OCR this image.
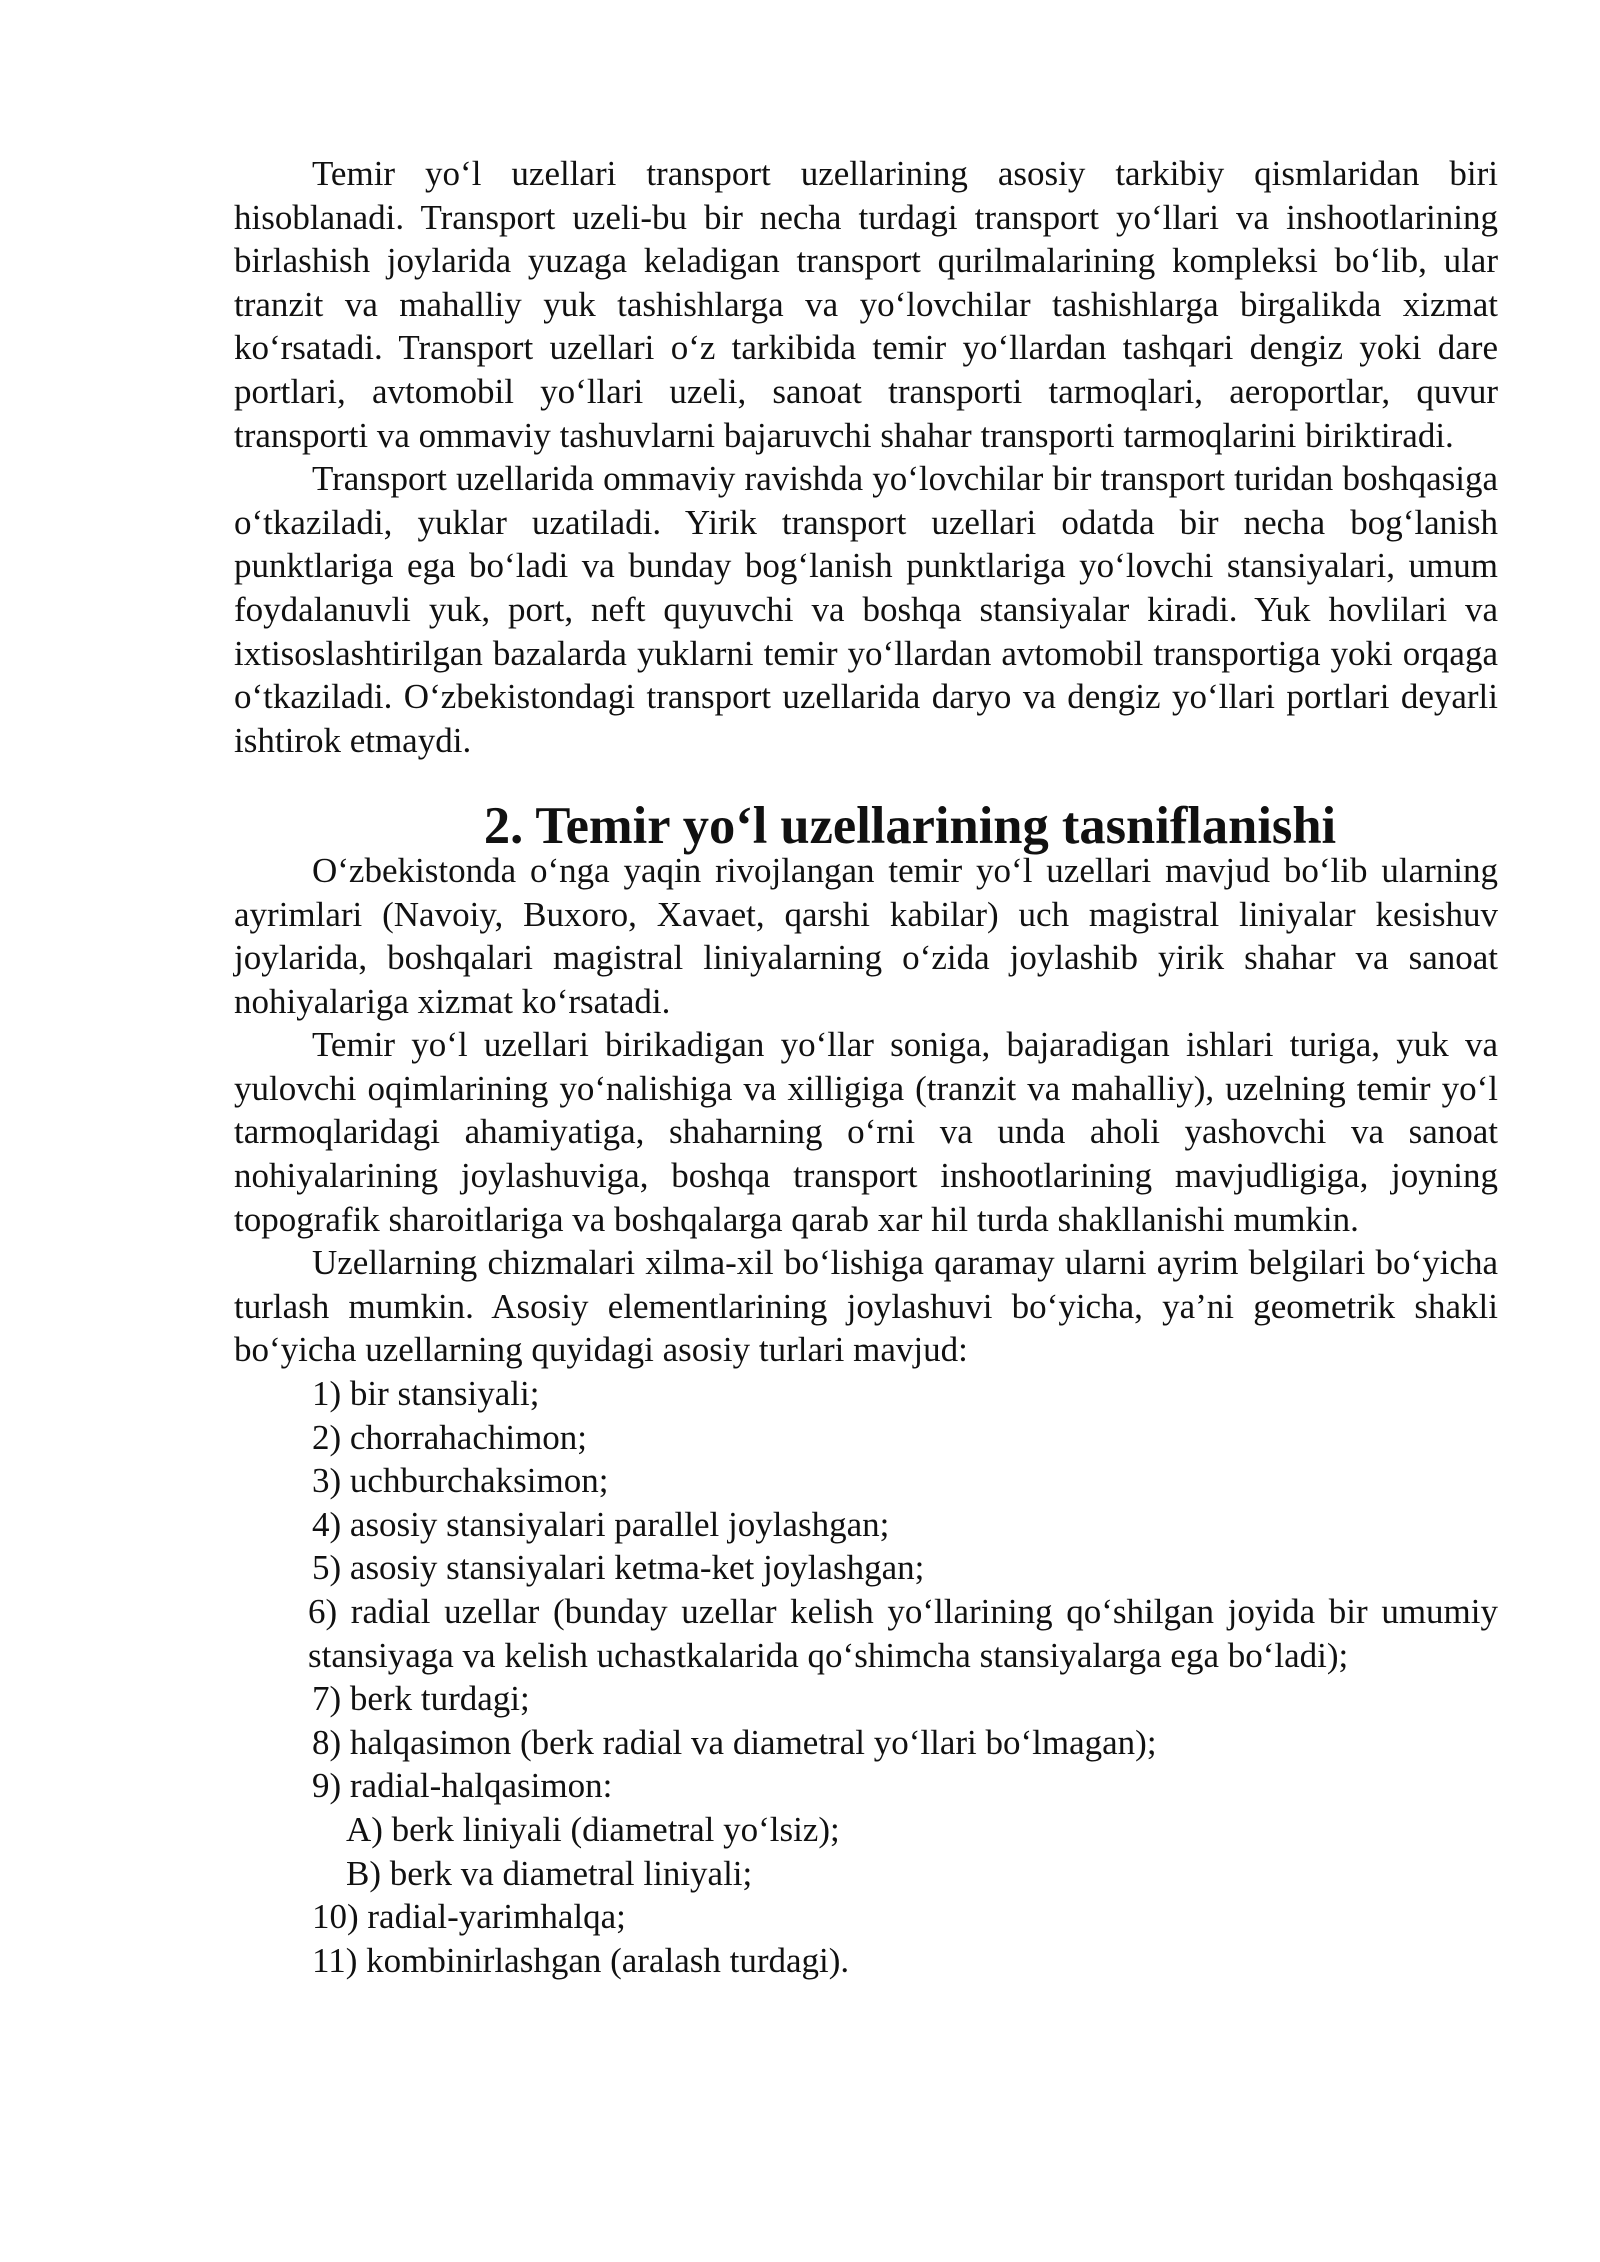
Temir yo‘l uzellari transport uzellarining asosiy tarkibiy qismlaridan biri hisoblanadi. Transport uzeli-bu bir necha turdagi transport yo‘llari va inshootlarining birlashish joylarida yuzaga keladigan transport qurilmalarining kompleksi bo‘lib, ular tranzit va mahalliy yuk tashishlarga va yo‘lovchilar tashishlarga birgalikda xizmat ko‘rsatadi. Transport uzellari o‘z tarkibida temir yo‘llardan tashqari dengiz yoki dare portlari, avtomobil yo‘llari uzeli, sanoat transporti tarmoqlari, aeroportlar, quvur transporti va ommaviy tashuvlarni bajaruvchi shahar transporti tarmoqlarini biriktiradi.

Transport uzellarida ommaviy ravishda yo‘lovchilar bir transport turidan boshqasiga o‘tkaziladi, yuklar uzatiladi. Yirik transport uzellari odatda bir necha bog‘lanish punktlariga ega bo‘ladi va bunday bog‘lanish punktlariga yo‘lovchi stansiyalari, umum foydalanuvli yuk, port, neft quyuvchi va boshqa stansiyalar kiradi. Yuk hovlilari va ixtisoslashtirilgan bazalarda yuklarni temir yo‘llardan avtomobil transportiga yoki orqaga o‘tkaziladi. O‘zbekistondagi transport uzellarida daryo va dengiz yo‘llari portlari deyarli ishtirok etmaydi.

2. Temir yo‘l uzellarining tasniflanishi

O‘zbekistonda o‘nga yaqin rivojlangan temir yo‘l uzellari mavjud bo‘lib ularning ayrimlari (Navoiy, Buxoro, Xavaet, qarshi kabilar) uch magistral liniyalar kesishuv joylarida, boshqalari magistral liniyalarning o‘zida joylashib yirik shahar va sanoat nohiyalariga xizmat ko‘rsatadi.

Temir yo‘l uzellari birikadigan yo‘llar soniga, bajaradigan ishlari turiga, yuk va yulovchi oqimlarining yo‘nalishiga va xilligiga (tranzit va mahalliy), uzelning temir yo‘l tarmoqlaridagi ahamiyatiga, shaharning o‘rni va unda aholi yashovchi va sanoat nohiyalarining joylashuviga, boshqa transport inshootlarining mavjudligiga, joyning topografik sharoitlariga va boshqalarga qarab xar hil turda shakllanishi mumkin.

Uzellarning chizmalari xilma-xil bo‘lishiga qaramay ularni ayrim belgilari bo‘yicha turlash mumkin. Asosiy elementlarining joylashuvi bo‘yicha, ya’ni geometrik shakli bo‘yicha uzellarning quyidagi asosiy turlari mavjud:

1) bir stansiyali;
2) chorrahachimon;
3) uchburchaksimon;
4) asosiy stansiyalari parallel joylashgan;
5) asosiy stansiyalari ketma-ket joylashgan;
6) radial uzellar (bunday uzellar kelish yo‘llarining qo‘shilgan joyida bir umumiy stansiyaga va kelish uchastkalarida qo‘shimcha stansiyalarga ega bo‘ladi);
7) berk turdagi;
8) halqasimon (berk radial va diametral yo‘llari bo‘lmagan);
9) radial-halqasimon:
A) berk liniyali (diametral yo‘lsiz);
B) berk va diametral liniyali;
10) radial-yarimhalqa;
11) kombinirlashgan (aralash turdagi).
